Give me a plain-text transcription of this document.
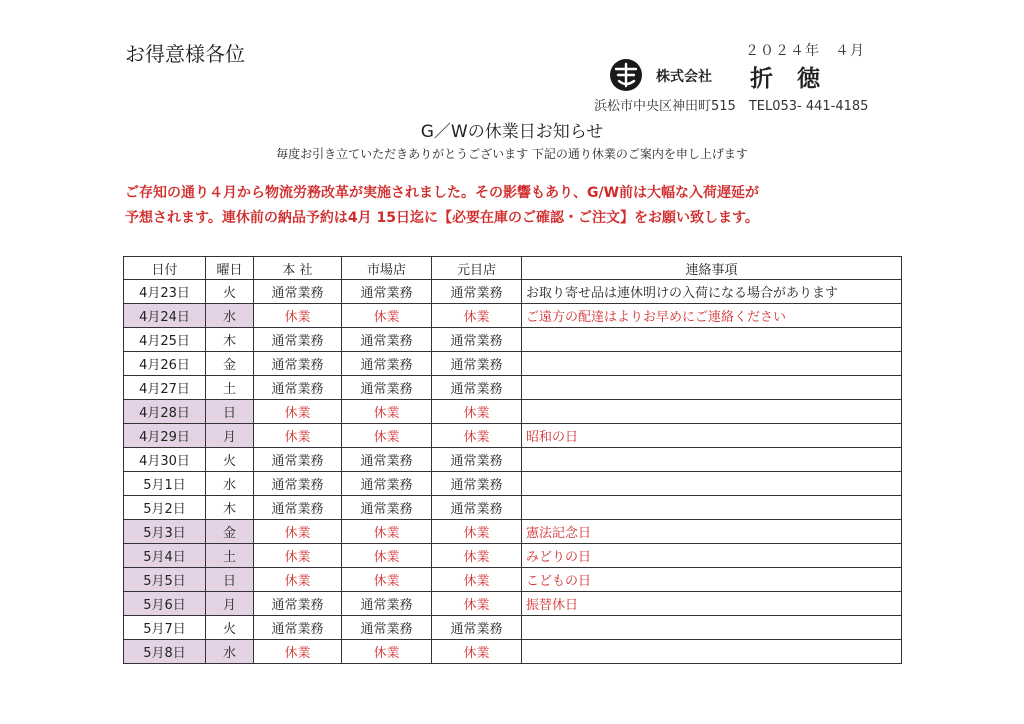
お得意様各位	２０２４年　４月
株式会社 折 徳
浜松市中央区神田町515　TEL053- 441-4185
G／Wの休業日お知らせ
毎度お引き立ていただきありがとうございます 下記の通り休業のご案内を申し上げます
ご存知の通り４月から物流労務改革が実施されました。その影響もあり、G/W前は大幅な入荷遅延が
予想されます。連休前の納品予約は4月 15日迄に【必要在庫のご確認・ご注文】をお願い致します。
日付	曜日	本 社	市場店	元目店	連絡事項
4月23日	火	通常業務	通常業務	通常業務	お取り寄せ品は連休明けの入荷になる場合があります
4月24日	水	休業	休業	休業	ご遠方の配達はよりお早めにご連絡ください
4月25日	木	通常業務	通常業務	通常業務	
4月26日	金	通常業務	通常業務	通常業務	
4月27日	土	通常業務	通常業務	通常業務	
4月28日	日	休業	休業	休業	
4月29日	月	休業	休業	休業	昭和の日
4月30日	火	通常業務	通常業務	通常業務	
5月1日	水	通常業務	通常業務	通常業務	
5月2日	木	通常業務	通常業務	通常業務	
5月3日	金	休業	休業	休業	憲法記念日
5月4日	土	休業	休業	休業	みどりの日
5月5日	日	休業	休業	休業	こどもの日
5月6日	月	通常業務	通常業務	休業	振替休日
5月7日	火	通常業務	通常業務	通常業務	
5月8日	水	休業	休業	休業	
